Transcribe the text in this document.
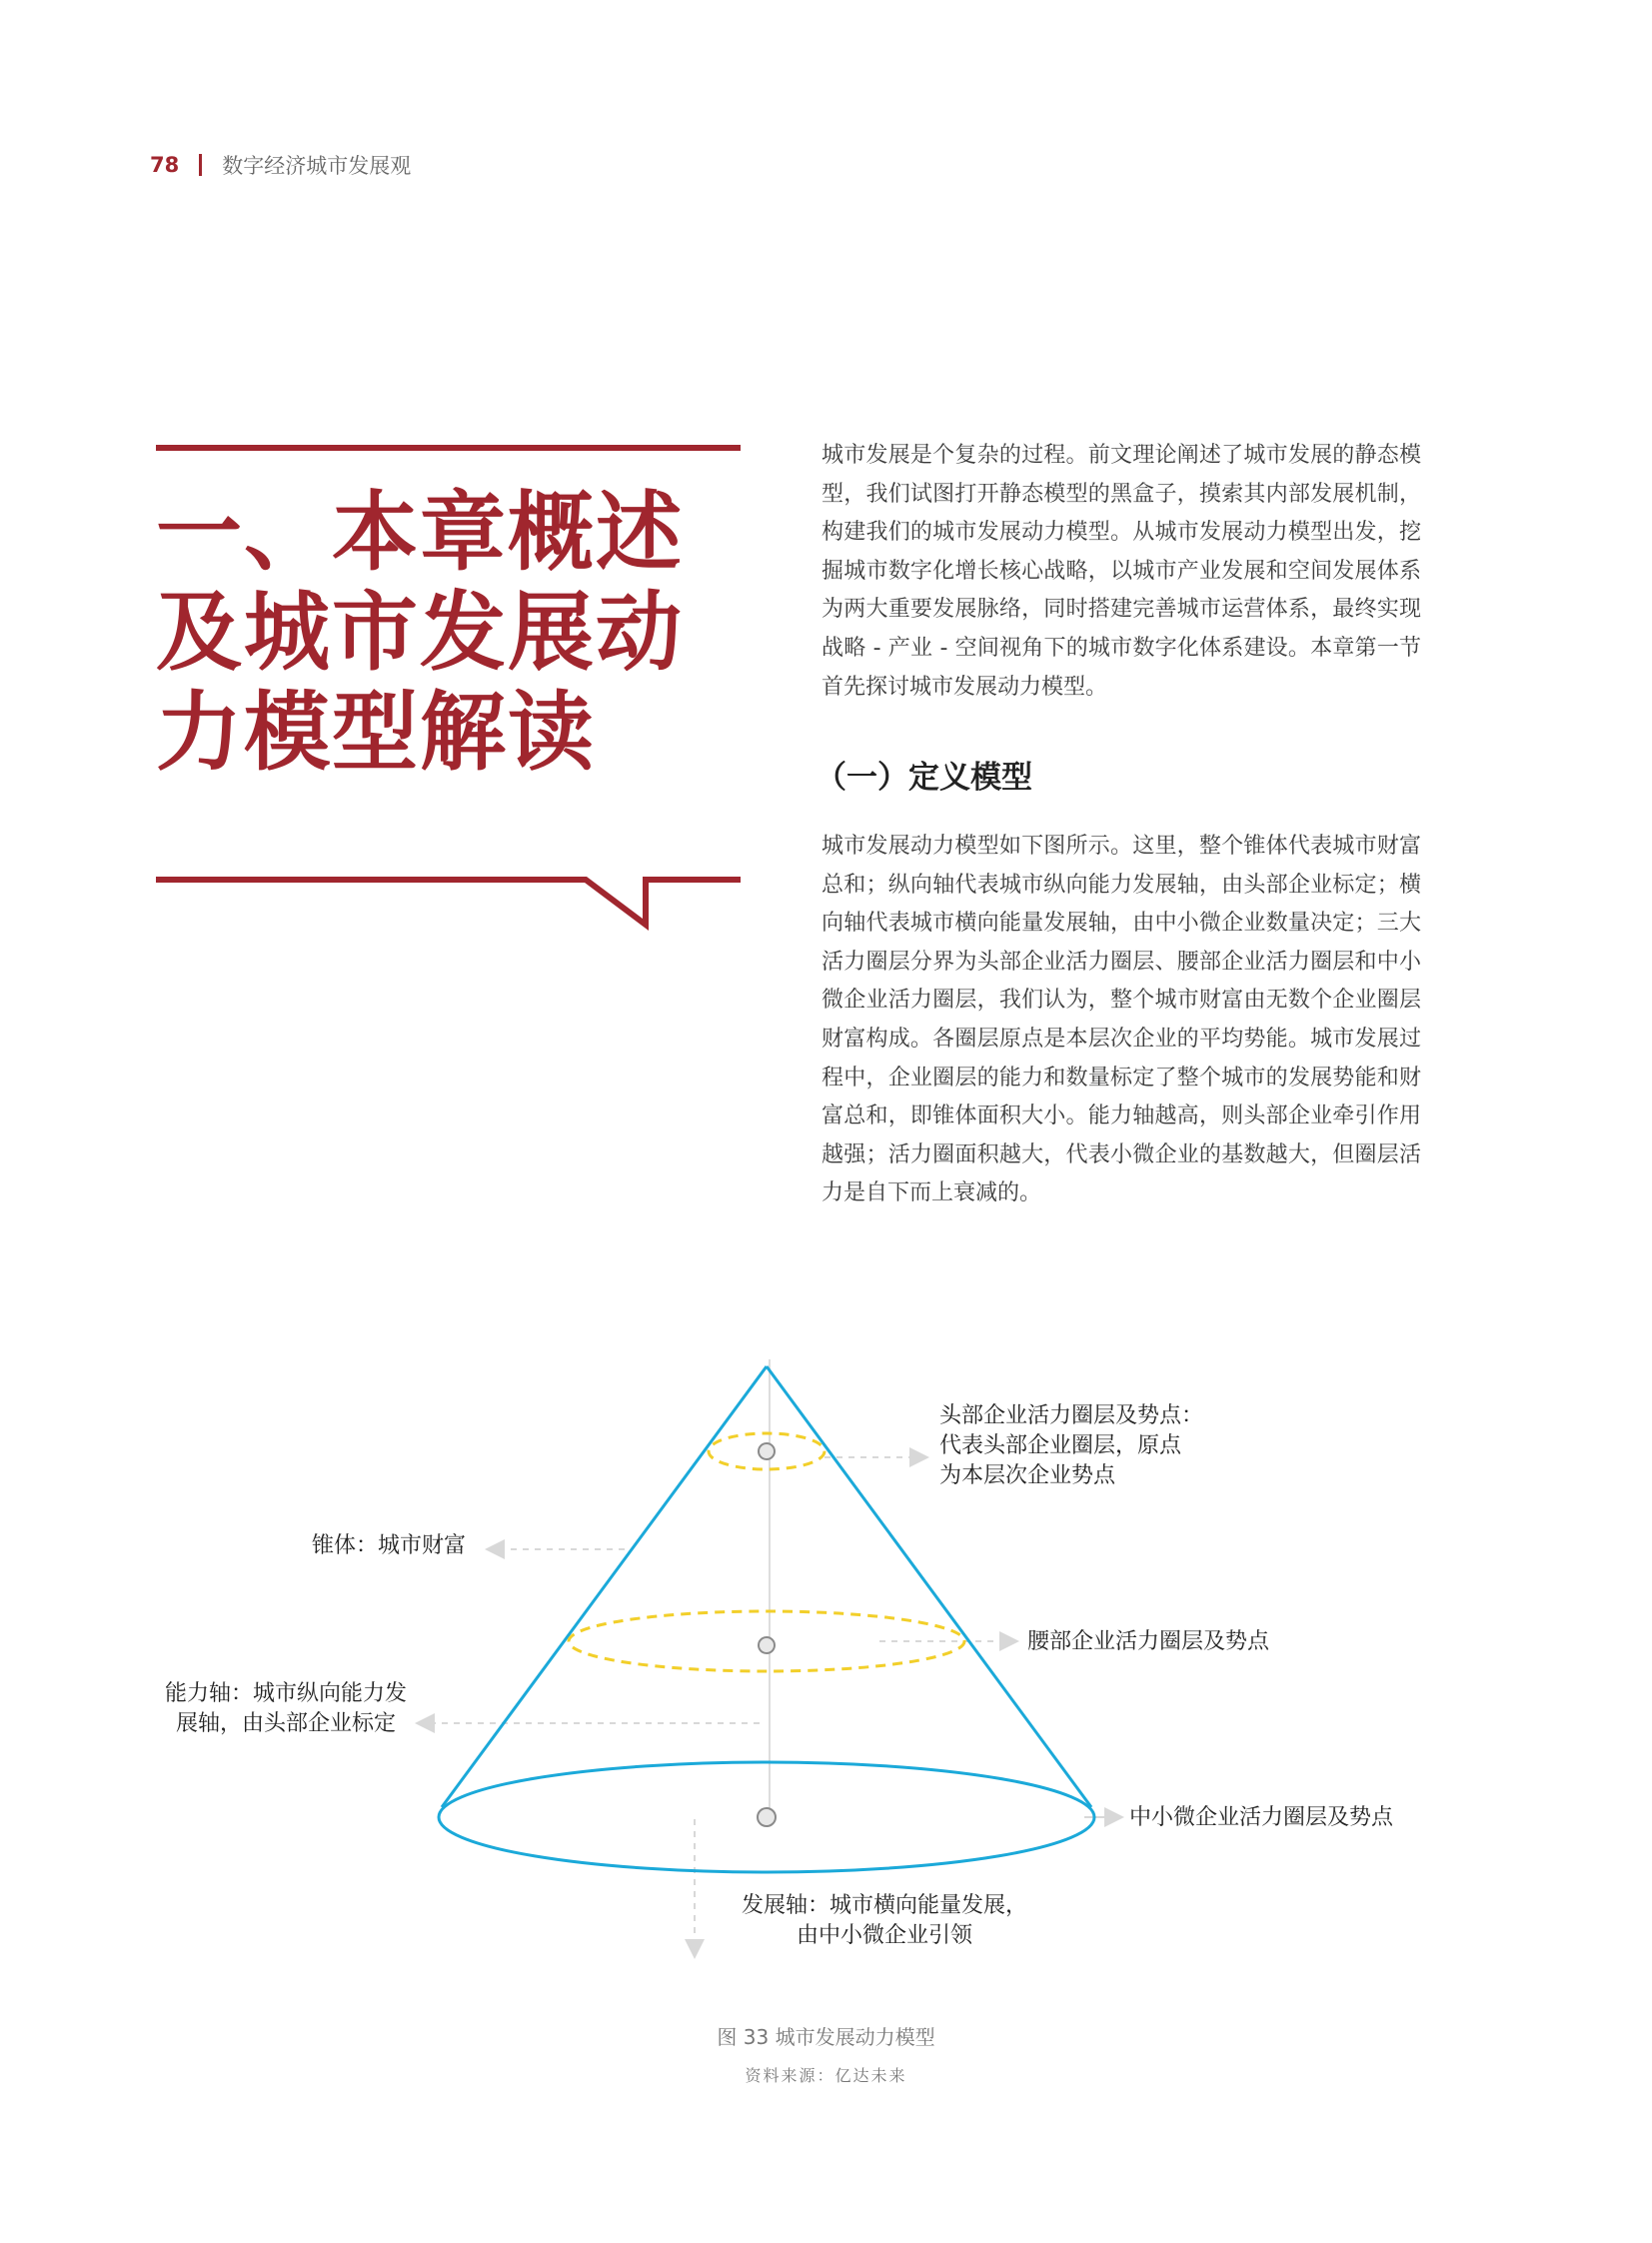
78 数字经济城市发展观
一、本章概述及城市发展动力模型解读

城市发展是个复杂的过程。前文理论阐述了城市发展的静态模型，我们试图打开静态模型的黑盒子，摸索其内部发展机制，构建我们的城市发展动力模型。从城市发展动力模型出发，挖掘城市数字化增长核心战略，以城市产业发展和空间发展体系为两大重要发展脉络，同时搭建完善城市运营体系，最终实现战略 - 产业 - 空间视角下的城市数字化体系建设。本章第一节首先探讨城市发展动力模型。

（一）定义模型

城市发展动力模型如下图所示。这里，整个锥体代表城市财富总和；纵向轴代表城市纵向能力发展轴，由头部企业标定；横向轴代表城市横向能量发展轴，由中小微企业数量决定；三大活力圈层分界为头部企业活力圈层、腰部企业活力圈层和中小微企业活力圈层，我们认为，整个城市财富由无数个企业圈层财富构成。各圈层原点是本层次企业的平均势能。城市发展过程中，企业圈层的能力和数量标定了整个城市的发展势能和财富总和，即锥体面积大小。能力轴越高，则头部企业牵引作用越强；活力圈面积越大，代表小微企业的基数越大，但圈层活力是自下而上衰减的。

头部企业活力圈层及势点：
代表头部企业圈层，原点
为本层次企业势点
锥体：城市财富
腰部企业活力圈层及势点
能力轴：城市纵向能力发
展轴，由头部企业标定
中小微企业活力圈层及势点
发展轴：城市横向能量发展，
由中小微企业引领
图 33 城市发展动力模型
资料来源：亿达未来
